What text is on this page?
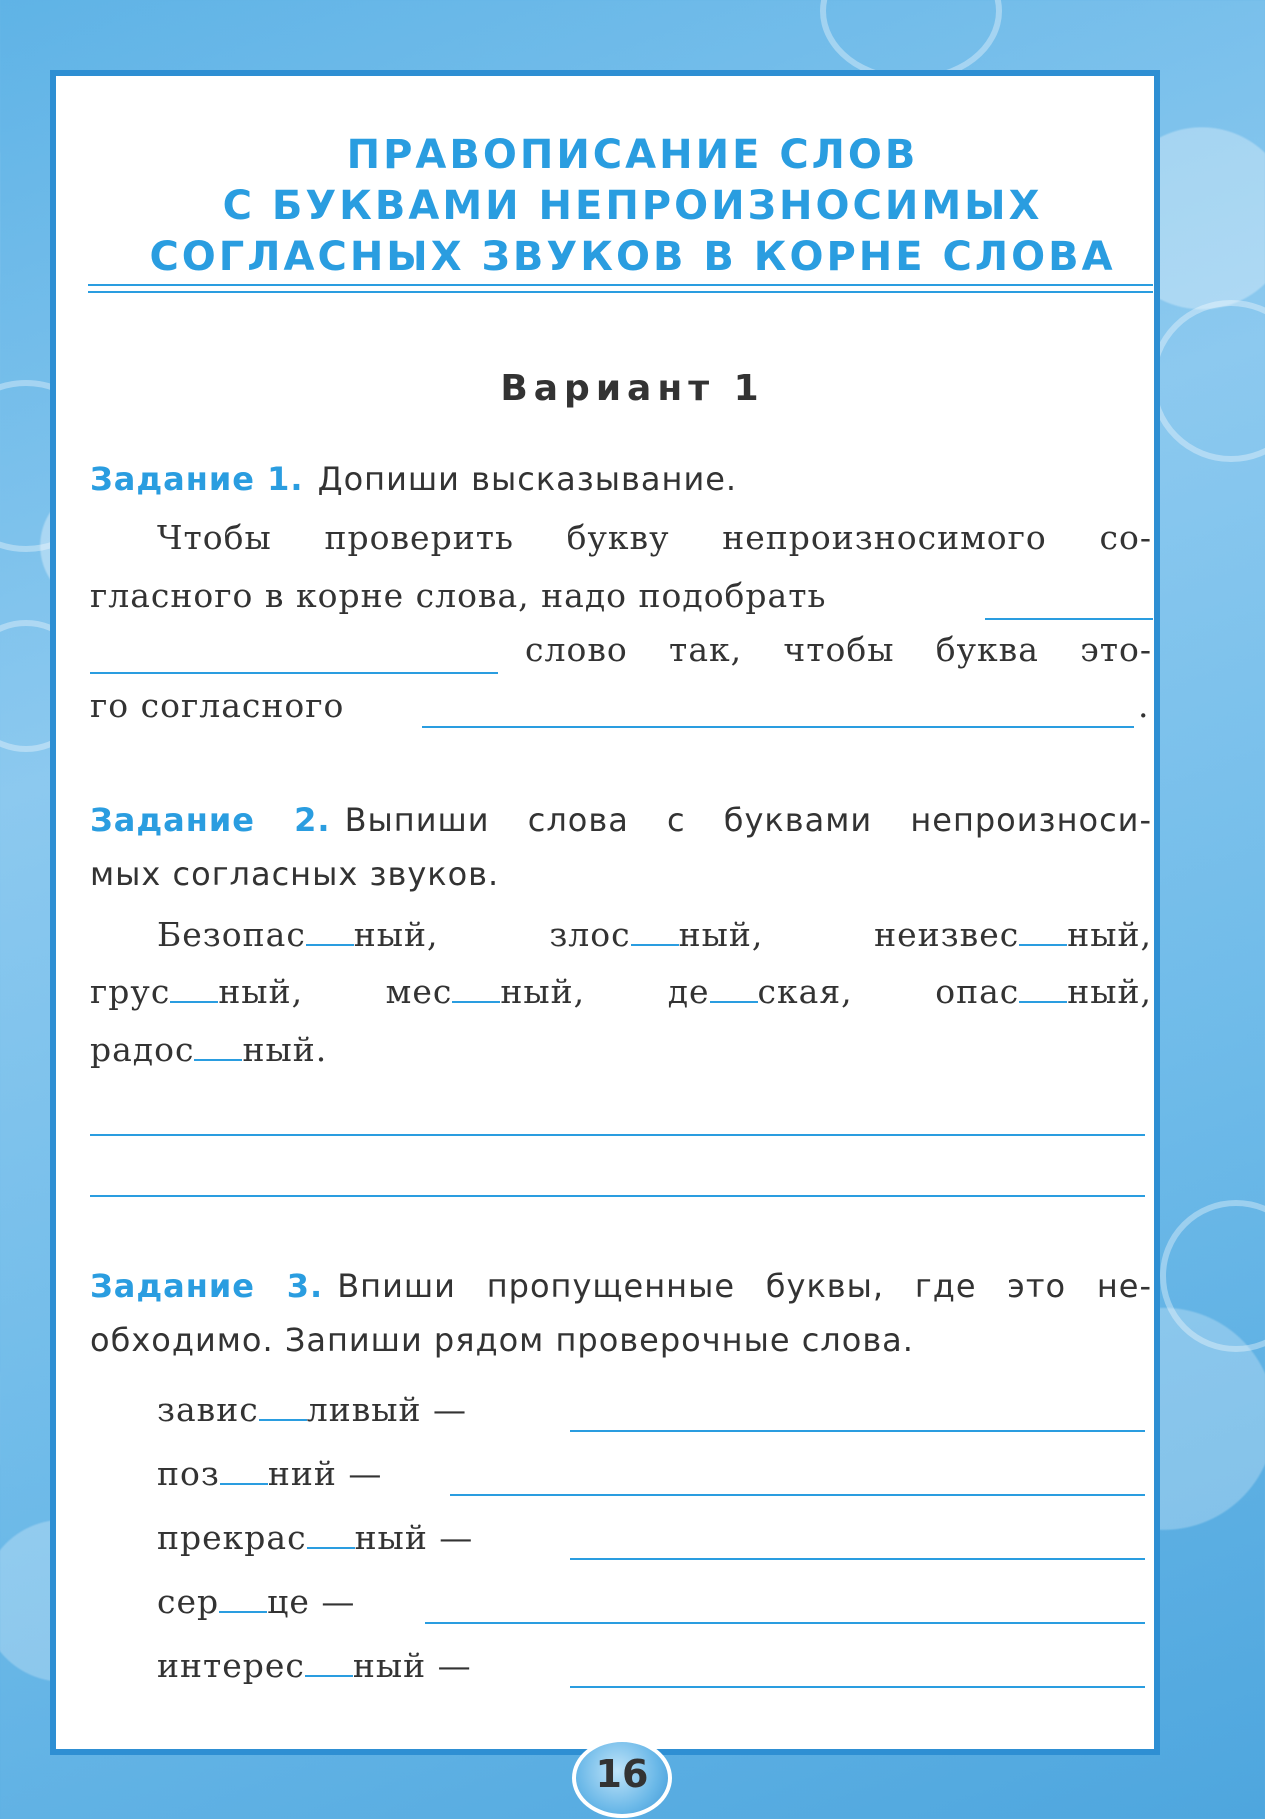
ПРАВОПИСАНИЕ СЛОВ
С БУКВАМИ НЕПРОИЗНОСИМЫХ
СОГЛАСНЫХ ЗВУКОВ В КОРНЕ СЛОВА
Вариант 1
Задание 1. Допиши высказывание.
Чтобы проверить букву непроизносимого со-
гласного в корне слова, надо подобрать
слово так, чтобы буква это-
го согласного	.
Задание 2. Выпиши слова с буквами непроизноси-
мых согласных звуков.
Безопас ный,	злос ный,	неизвес ный,
грус ный,	мес ный,	де ская,	опас ный,
радос ный.
Задание 3. Впиши пропущенные буквы, где это не-
обходимо. Запиши рядом проверочные слова.
завис ливый —
поз ний —
прекрас ный —
сер це —
интерес ный —
16
